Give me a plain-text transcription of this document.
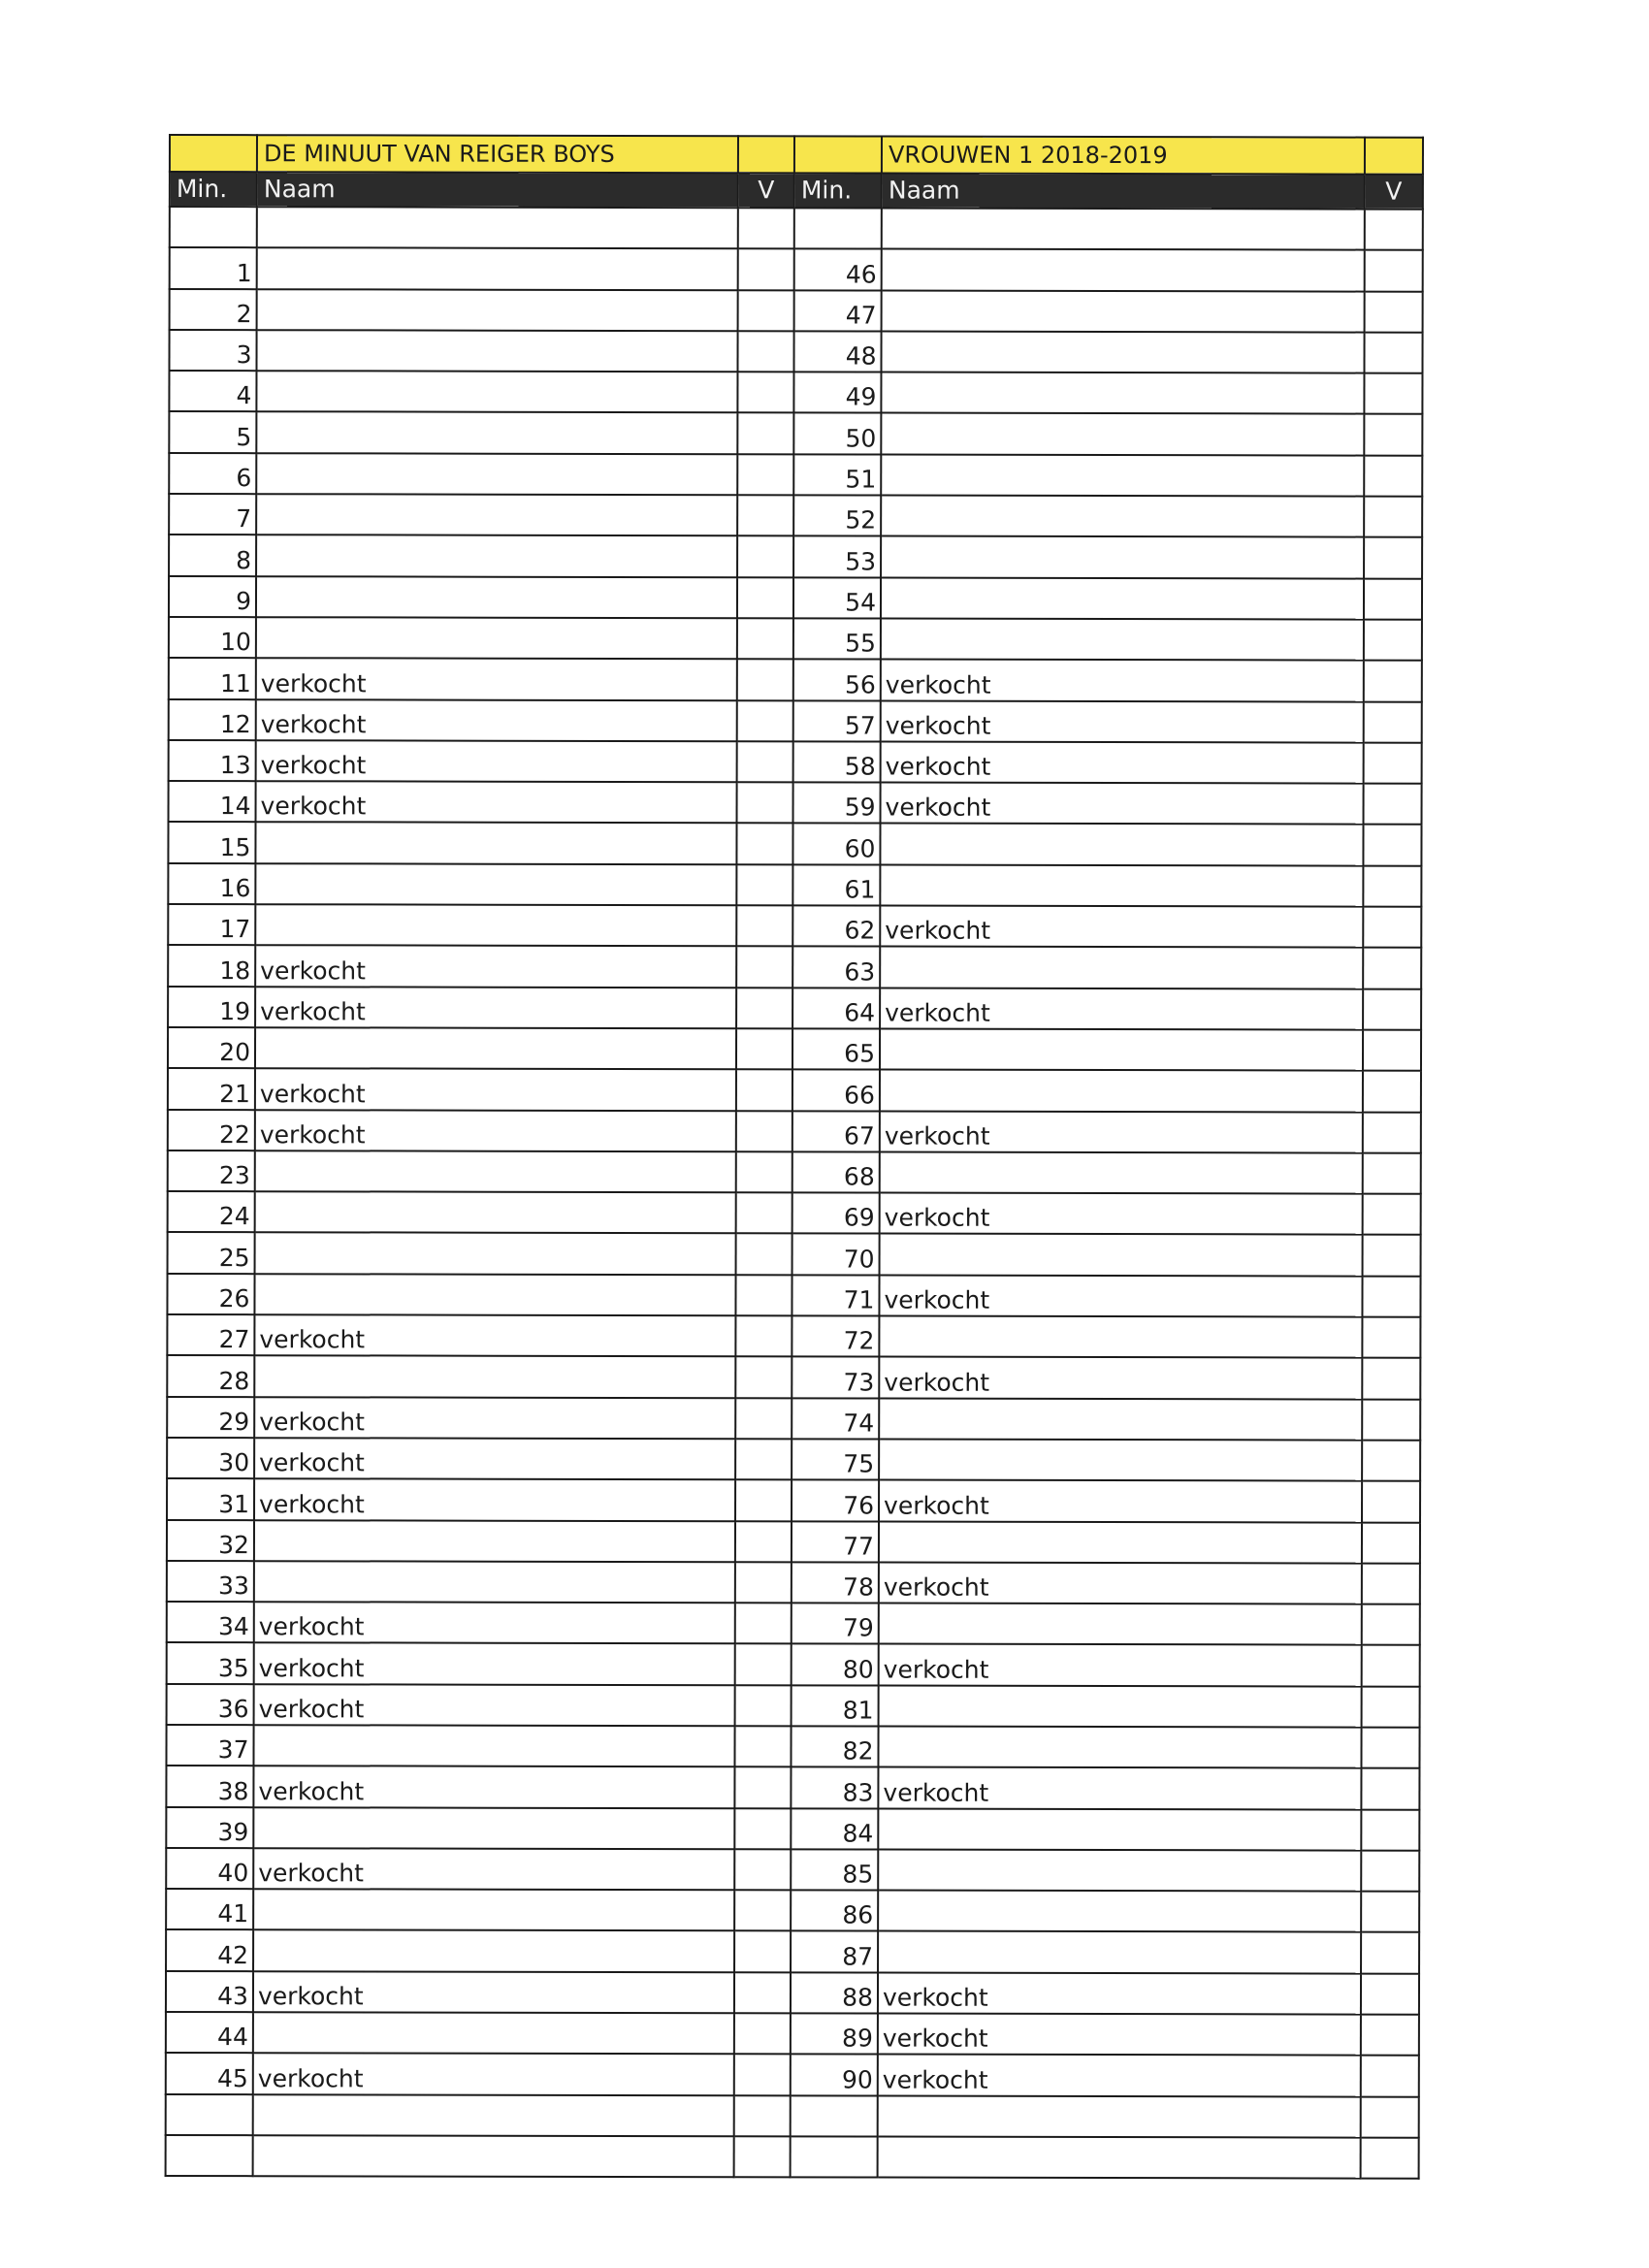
	DE MINUUT VAN REIGER BOYS			VROUWEN 1 2018-2019	
Min.	Naam	V	Min.	Naam	V

1			46		
2			47		
3			48		
4			49		
5			50		
6			51		
7			52		
8			53		
9			54		
10			55		
11	verkocht		56	verkocht	
12	verkocht		57	verkocht	
13	verkocht		58	verkocht	
14	verkocht		59	verkocht	
15			60		
16			61		
17			62	verkocht	
18	verkocht		63		
19	verkocht		64	verkocht	
20			65		
21	verkocht		66		
22	verkocht		67	verkocht	
23			68		
24			69	verkocht	
25			70		
26			71	verkocht	
27	verkocht		72		
28			73	verkocht	
29	verkocht		74		
30	verkocht		75		
31	verkocht		76	verkocht	
32			77		
33			78	verkocht	
34	verkocht		79		
35	verkocht		80	verkocht	
36	verkocht		81		
37			82		
38	verkocht		83	verkocht	
39			84		
40	verkocht		85		
41			86		
42			87		
43	verkocht		88	verkocht	
44			89	verkocht	
45	verkocht		90	verkocht	
